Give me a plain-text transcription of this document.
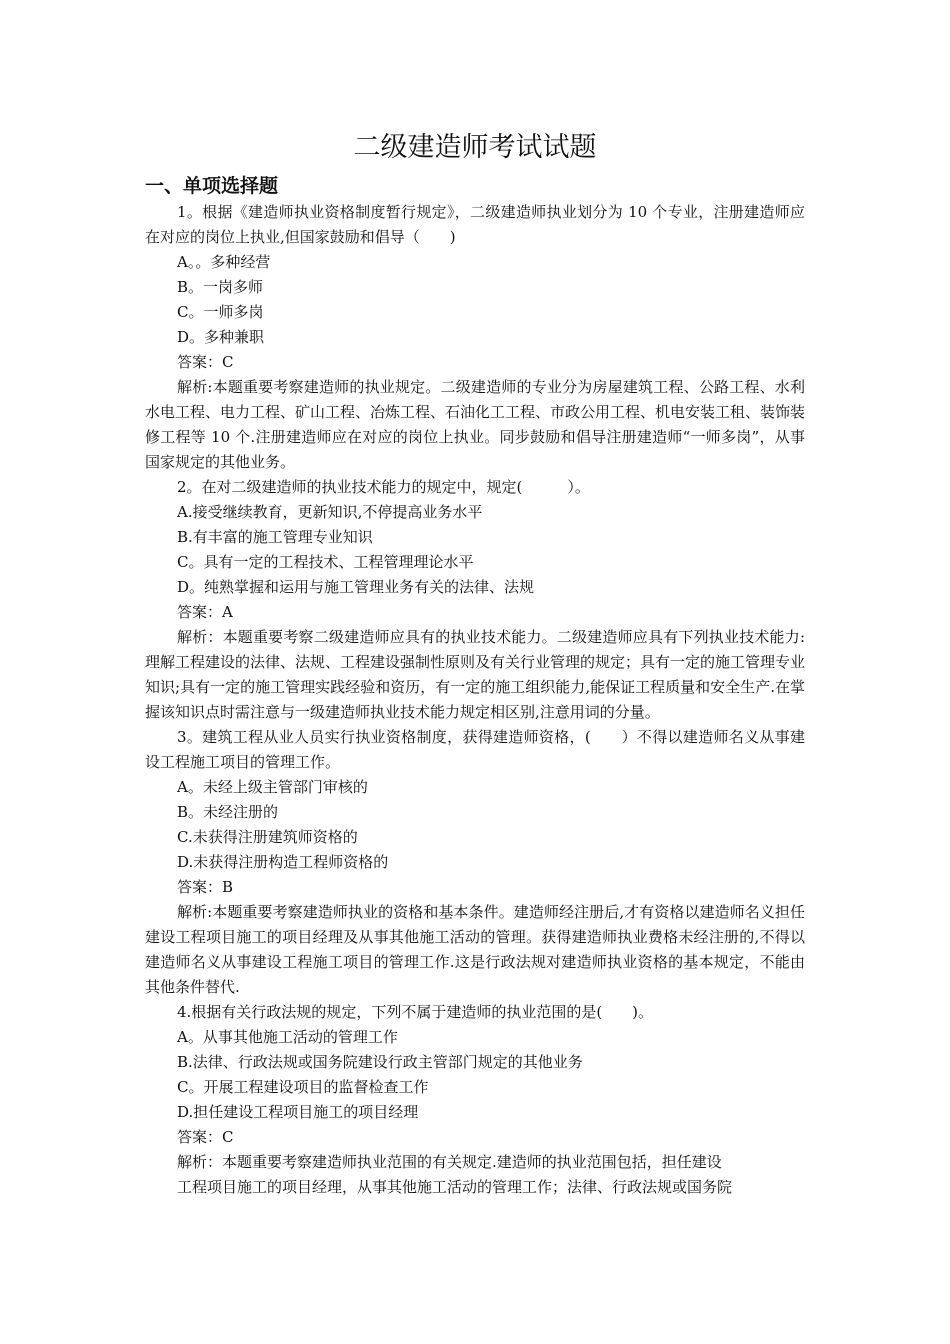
二级建造师考试试题
一、单项选择题

1。根据《建造师执业资格制度暂行规定》，二级建造师执业划分为 10 个专业，注册建造师应在对应的岗位上执业,但国家鼓励和倡导（　　)

A。。多种经营

B。一岗多师

C。一师多岗

D。多种兼职

答案：C

解析:本题重要考察建造师的执业规定。二级建造师的专业分为房屋建筑工程、公路工程、水利水电工程、电力工程、矿山工程、冶炼工程、石油化工工程、市政公用工程、机电安装工租、装饰装修工程等 10 个.注册建造师应在对应的岗位上执业。同步鼓励和倡导注册建造师“一师多岗”，从事国家规定的其他业务。

2。在对二级建造师的执业技术能力的规定中，规定(　　　）。

A.接受继续教育，更新知识,不停提高业务水平

B.有丰富的施工管理专业知识

C。具有一定的工程技术、工程管理理论水平

D。纯熟掌握和运用与施工管理业务有关的法律、法规

答案：A

解析：本题重要考察二级建造师应具有的执业技术能力。二级建造师应具有下列执业技术能力:理解工程建设的法律、法规、工程建设强制性原则及有关行业管理的规定；具有一定的施工管理专业知识;具有一定的施工管理实践经验和资历，有一定的施工组织能力,能保证工程质量和安全生产.在掌握该知识点时需注意与一级建造师执业技术能力规定相区别,注意用词的分量。

3。建筑工程从业人员实行执业资格制度，获得建造师资格，(　　）不得以建造师名义从事建设工程施工项目的管理工作。

A。未经上级主管部门审核的

B。未经注册的

C.未获得注册建筑师资格的

D.未获得注册构造工程师资格的

答案：B

解析:本题重要考察建造师执业的资格和基本条件。建造师经注册后,才有资格以建造师名义担任建设工程项目施工的项目经理及从事其他施工活动的管理。获得建造师执业费格未经注册的,不得以建造师名义从事建设工程施工项目的管理工作.这是行政法规对建造师执业资格的基本规定，不能由其他条件替代.

4.根据有关行政法规的规定，下列不属于建造师的执业范围的是(　　)。

A。从事其他施工活动的管理工作

B.法律、行政法规或国务院建设行政主管部门规定的其他业务

C。开展工程建设项目的监督检查工作

D.担任建设工程项目施工的项目经理

答案：C

解析：本题重要考察建造师执业范围的有关规定.建造师的执业范围包括，担任建设

工程项目施工的项目经理，从事其他施工活动的管理工作；法律、行政法规或国务院
